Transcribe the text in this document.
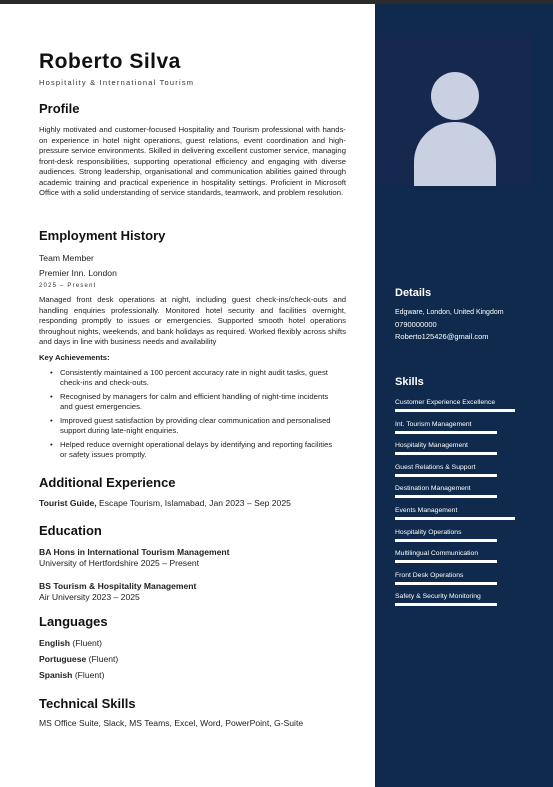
Roberto Silva
Hospitality & International Tourism
Profile
Highly motivated and customer-focused Hospitality and Tourism professional with hands-on experience in hotel night operations, guest relations, event coordination and high-pressure service environments. Skilled in delivering excellent customer service, managing front-desk responsibilities, supporting operational efficiency and engaging with diverse audiences. Strong leadership, organisational and communication abilities gained through academic training and practical experience in hospitality settings. Proficient in Microsoft Office with a solid understanding of service standards, teamwork, and problem resolution.
Employment History
Team Member
Premier Inn. London
2025 – Present
Managed front desk operations at night, including guest check-ins/check-outs and handling enquiries professionally. Monitored hotel security and facilities overnight, responding promptly to issues or emergencies. Supported smooth hotel operations throughout nights, weekends, and bank holidays as required. Worked flexibly across shifts and days in line with business needs and availability
Key Achievements:
• Consistently maintained a 100 percent accuracy rate in night audit tasks, guest check-ins and check-outs.
• Recognised by managers for calm and efficient handling of night-time incidents and guest emergencies.
• Improved guest satisfaction by providing clear communication and personalised support during late-night enquiries.
• Helped reduce overnight operational delays by identifying and reporting facilities or safety issues promptly.
Additional Experience
Tourist Guide, Escape Tourism, Islamabad, Jan 2023 – Sep 2025
Education
BA Hons in International Tourism Management
University of Hertfordshire 2025 – Present
BS Tourism & Hospitality Management
Air University 2023 – 2025
Languages
English (Fluent)
Portuguese (Fluent)
Spanish (Fluent)
Technical Skills
MS Office Suite, Slack, MS Teams, Excel, Word, PowerPoint, G-Suite
Details
Edgware, London, United Kingdom
0790000000
Roberto125426@gmail.com
Skills
Customer Experience Excellence
Int. Tourism Management
Hospitality Management
Guest Relations & Support
Destination Management
Events Management
Hospitality Operations
Multilingual Communication
Front Desk Operations
Safety & Security Monitoring
